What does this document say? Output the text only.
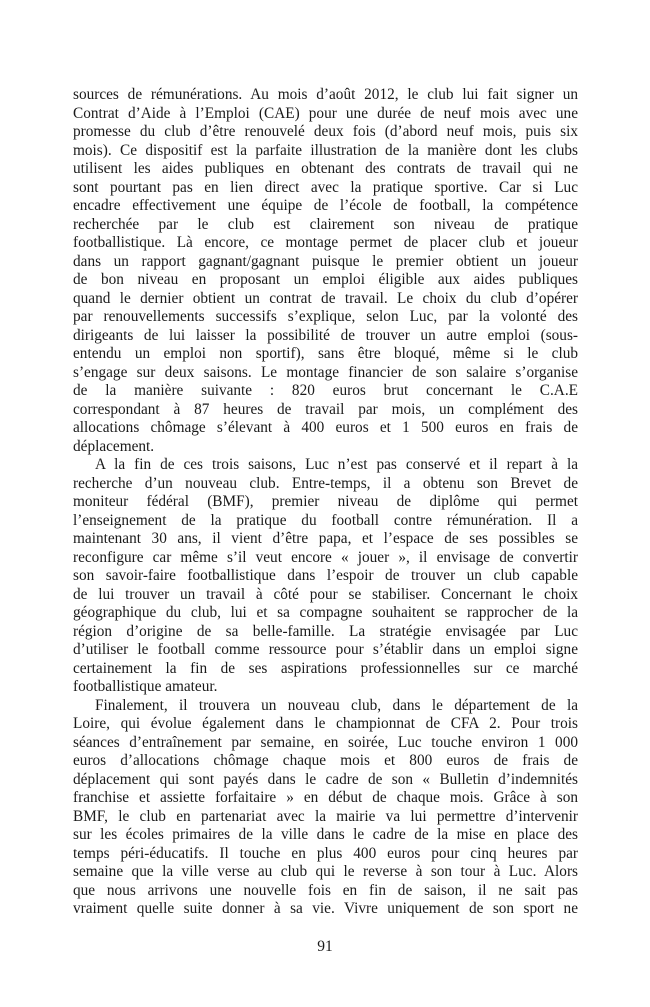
sources de rémunérations. Au mois d’août 2012, le club lui fait signer un
Contrat d’Aide à l’Emploi (CAE) pour une durée de neuf mois avec une
promesse du club d’être renouvelé deux fois (d’abord neuf mois, puis six
mois). Ce dispositif est la parfaite illustration de la manière dont les clubs
utilisent les aides publiques en obtenant des contrats de travail qui ne
sont pourtant pas en lien direct avec la pratique sportive. Car si Luc
encadre effectivement une équipe de l’école de football, la compétence
recherchée par le club est clairement son niveau de pratique
footballistique. Là encore, ce montage permet de placer club et joueur
dans un rapport gagnant/gagnant puisque le premier obtient un joueur
de bon niveau en proposant un emploi éligible aux aides publiques
quand le dernier obtient un contrat de travail. Le choix du club d’opérer
par renouvellements successifs s’explique, selon Luc, par la volonté des
dirigeants de lui laisser la possibilité de trouver un autre emploi (sous-
entendu un emploi non sportif), sans être bloqué, même si le club
s’engage sur deux saisons. Le montage financier de son salaire s’organise
de la manière suivante : 820 euros brut concernant le C.A.E
correspondant à 87 heures de travail par mois, un complément des
allocations chômage s’élevant à 400 euros et 1 500 euros en frais de
déplacement.
A la fin de ces trois saisons, Luc n’est pas conservé et il repart à la
recherche d’un nouveau club. Entre-temps, il a obtenu son Brevet de
moniteur fédéral (BMF), premier niveau de diplôme qui permet
l’enseignement de la pratique du football contre rémunération. Il a
maintenant 30 ans, il vient d’être papa, et l’espace de ses possibles se
reconfigure car même s’il veut encore « jouer », il envisage de convertir
son savoir-faire footballistique dans l’espoir de trouver un club capable
de lui trouver un travail à côté pour se stabiliser. Concernant le choix
géographique du club, lui et sa compagne souhaitent se rapprocher de la
région d’origine de sa belle-famille. La stratégie envisagée par Luc
d’utiliser le football comme ressource pour s’établir dans un emploi signe
certainement la fin de ses aspirations professionnelles sur ce marché
footballistique amateur.
Finalement, il trouvera un nouveau club, dans le département de la
Loire, qui évolue également dans le championnat de CFA 2. Pour trois
séances d’entraînement par semaine, en soirée, Luc touche environ 1 000
euros d’allocations chômage chaque mois et 800 euros de frais de
déplacement qui sont payés dans le cadre de son « Bulletin d’indemnités
franchise et assiette forfaitaire » en début de chaque mois. Grâce à son
BMF, le club en partenariat avec la mairie va lui permettre d’intervenir
sur les écoles primaires de la ville dans le cadre de la mise en place des
temps péri-éducatifs. Il touche en plus 400 euros pour cinq heures par
semaine que la ville verse au club qui le reverse à son tour à Luc. Alors
que nous arrivons une nouvelle fois en fin de saison, il ne sait pas
vraiment quelle suite donner à sa vie. Vivre uniquement de son sport ne
91
